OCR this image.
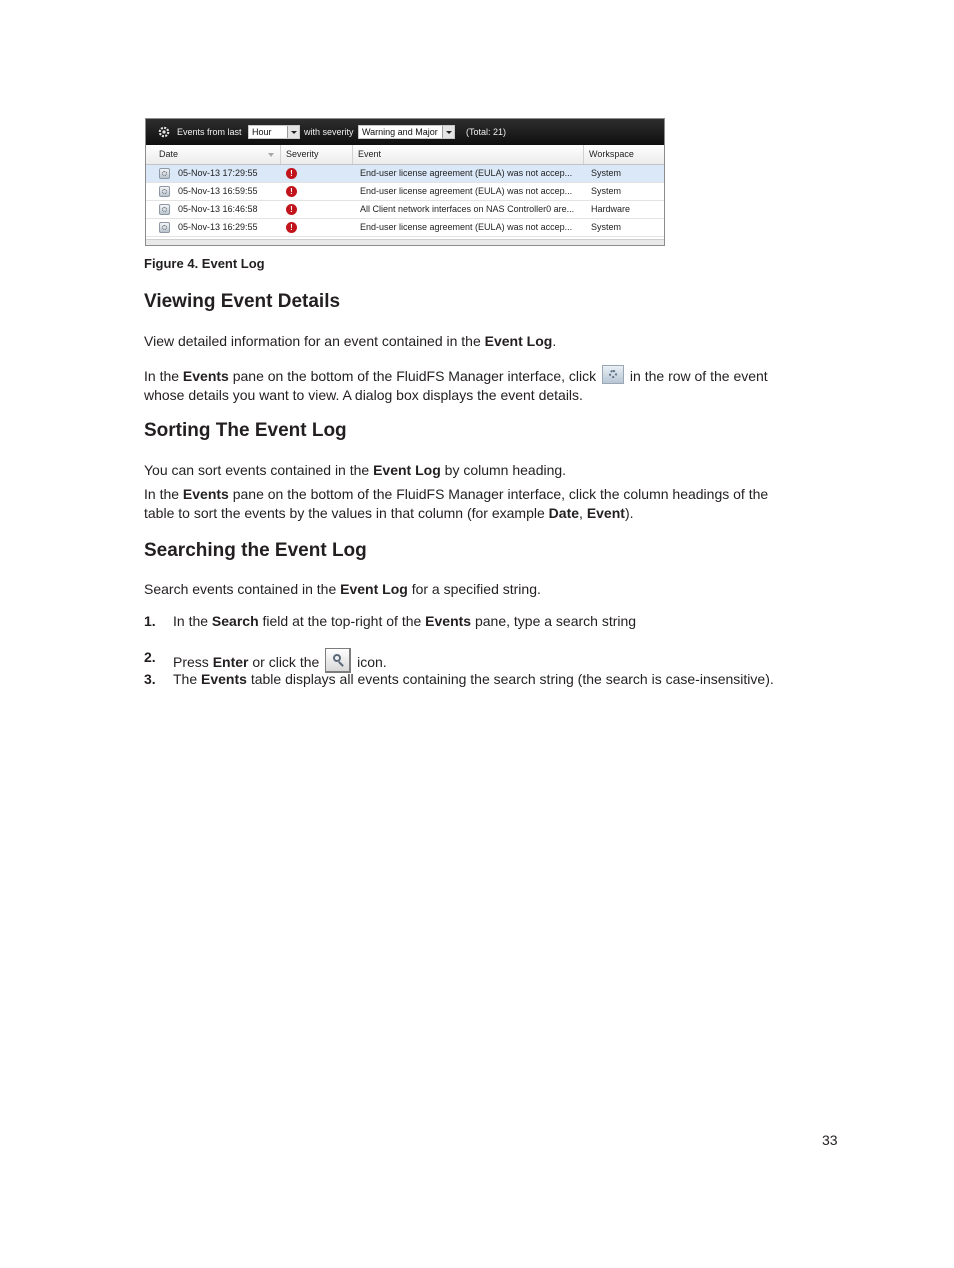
Events from last	Hour	with severity Warning and Major	(Total: 21)
Date	Severity	Event	Workspace
05-Nov-13 17:29:55	!	End-user license agreement (EULA) was not accep...	System
05-Nov-13 16:59:55	!	End-user license agreement (EULA) was not accep...	System
05-Nov-13 16:46:58	!	All Client network interfaces on NAS Controller0 are...	Hardware
05-Nov-13 16:29:55	!	End-user license agreement (EULA) was not accep...	System
Figure 4. Event Log
Viewing Event Details
View detailed information for an event contained in the Event Log.
In the Events pane on the bottom of the FluidFS Manager interface, click  in the row of the event
whose details you want to view. A dialog box displays the event details.
Sorting The Event Log
You can sort events contained in the Event Log by column heading.
In the Events pane on the bottom of the FluidFS Manager interface, click the column headings of the
table to sort the events by the values in that column (for example Date, Event).
Searching the Event Log
Search events contained in the Event Log for a specified string.
1. In the Search field at the top-right of the Events pane, type a search string
2. Press Enter or click the  icon.
3. The Events table displays all events containing the search string (the search is case-insensitive).
33
